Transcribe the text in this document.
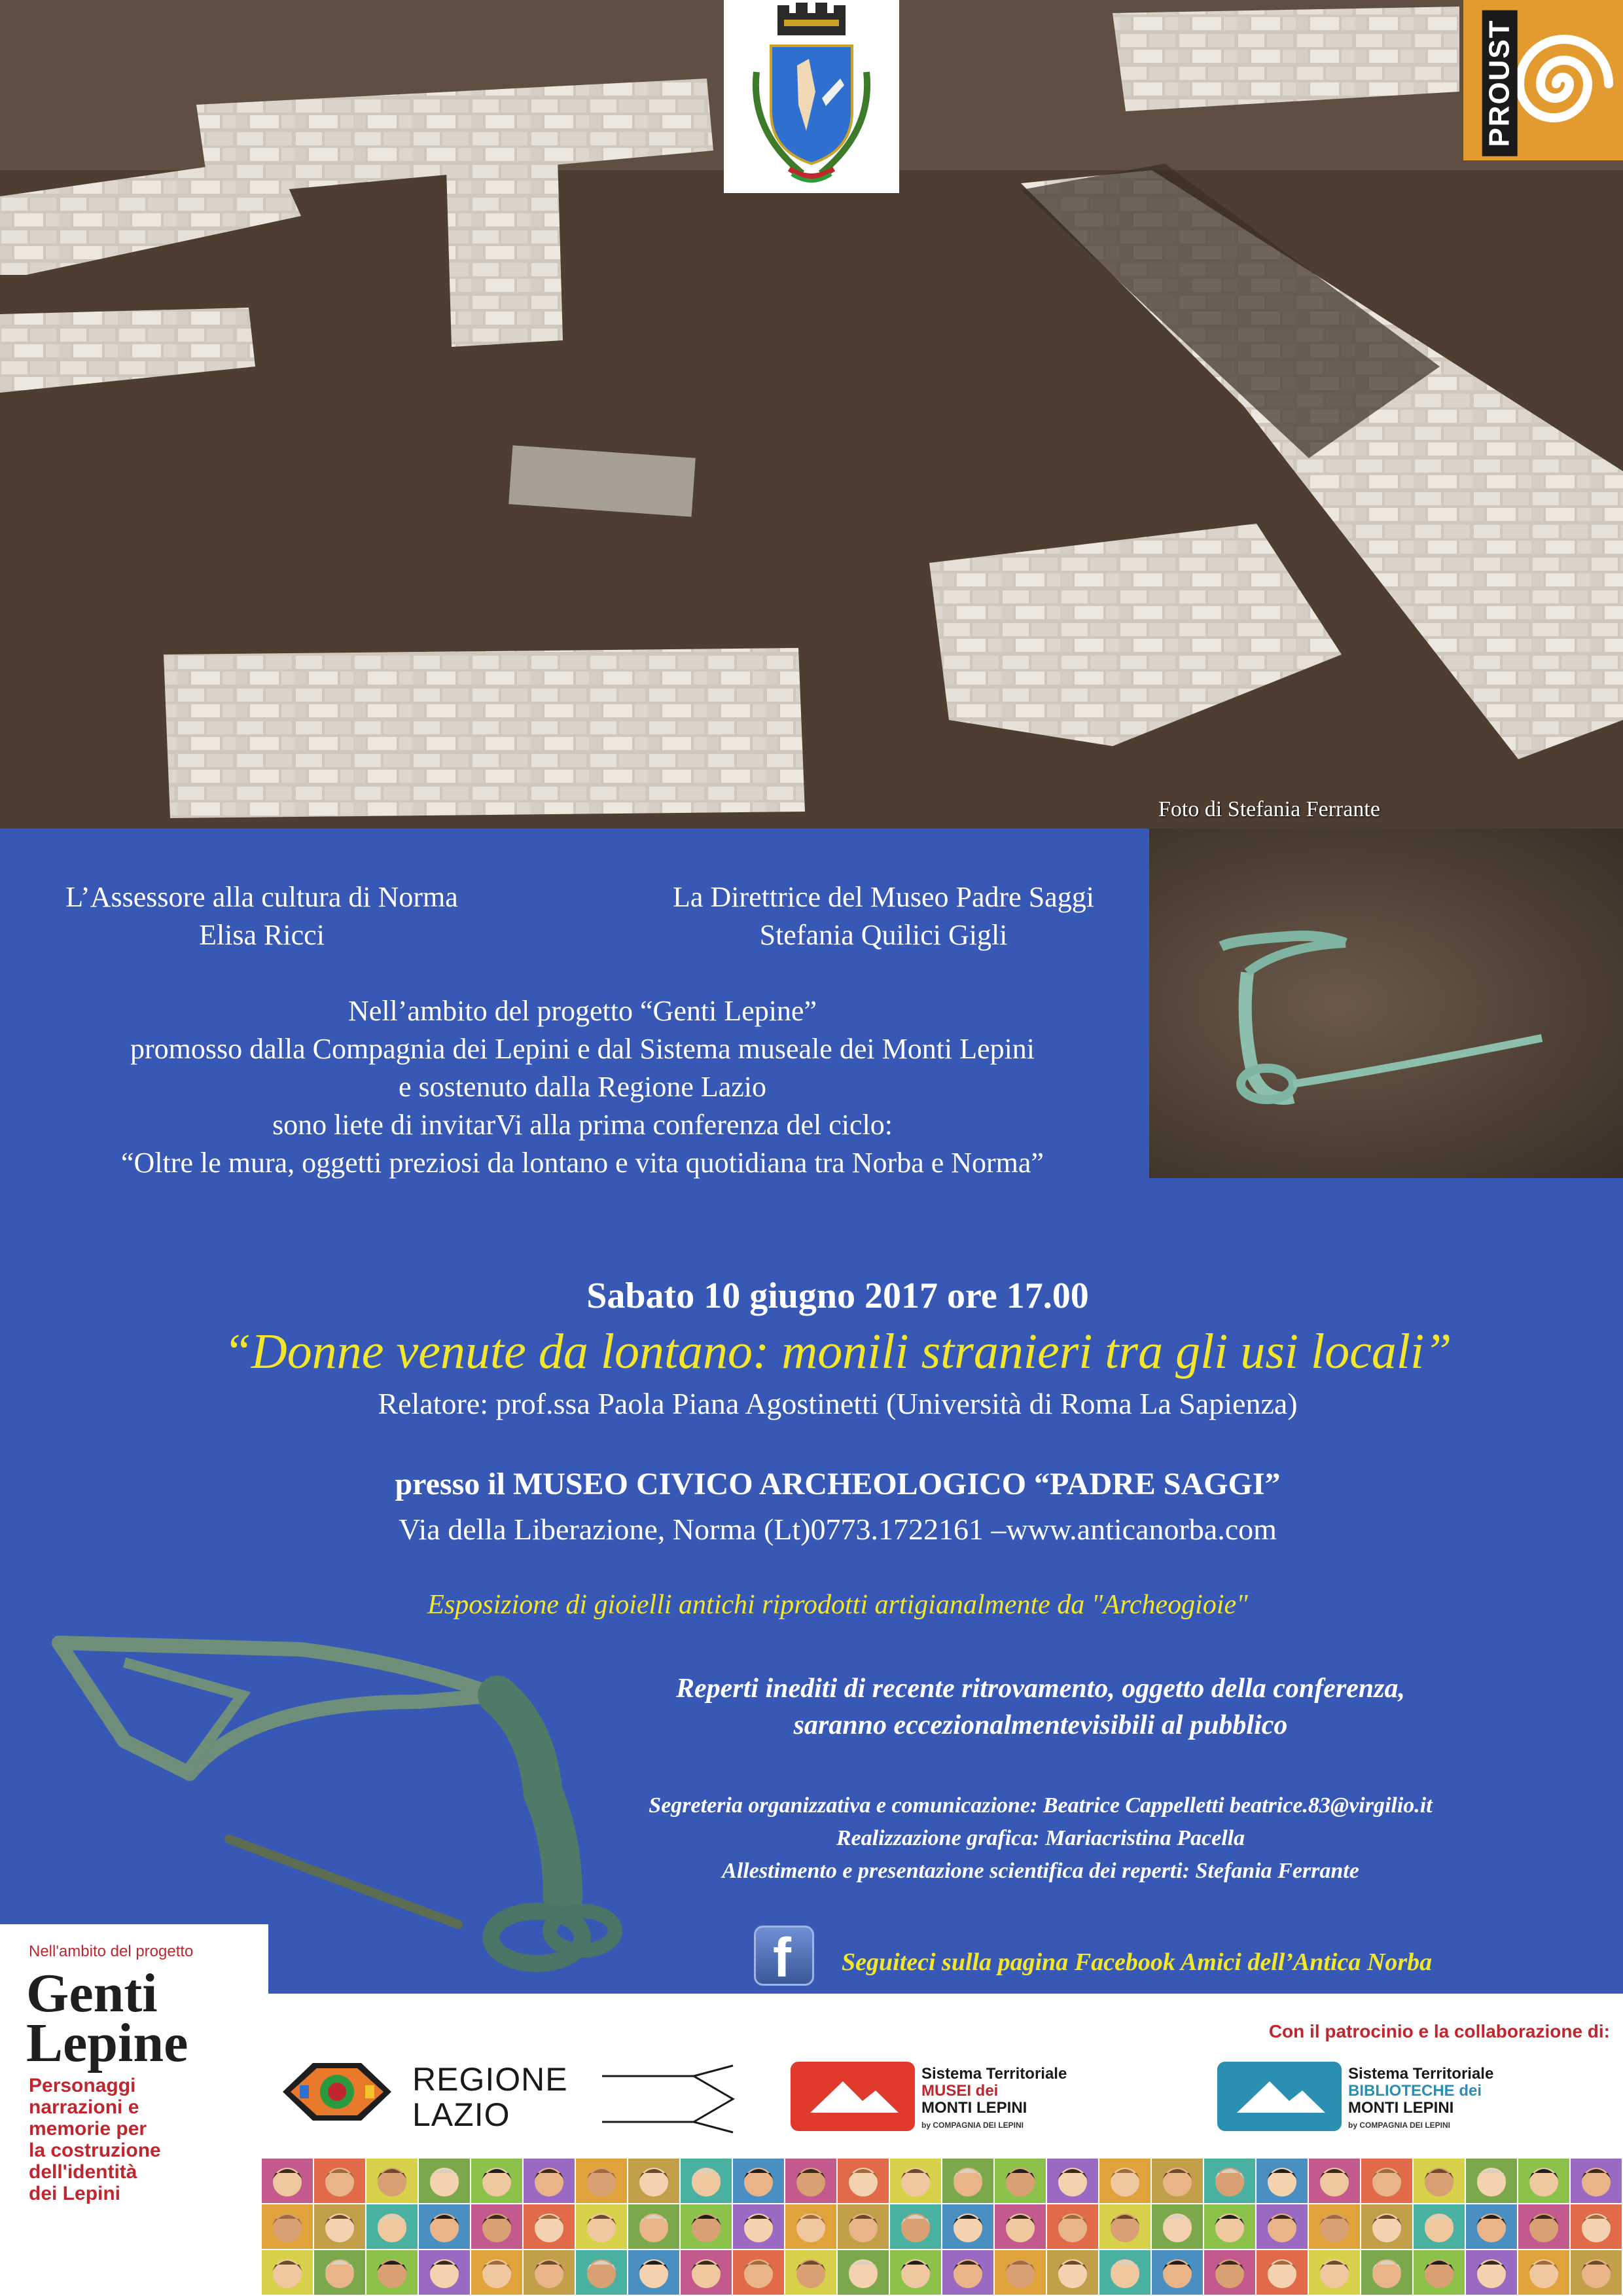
Foto di Stefania Ferrante
PROUST
L’Assessore alla cultura di Norma
Elisa Ricci
La Direttrice del Museo Padre Saggi
Stefania Quilici Gigli
Nell’ambito del progetto “Genti Lepine”
promosso dalla Compagnia dei Lepini e dal Sistema museale dei Monti Lepini
e sostenuto dalla Regione Lazio
sono liete di invitarVi alla prima conferenza del ciclo:
“Oltre le mura, oggetti preziosi da lontano e vita quotidiana tra Norba e Norma”
Sabato 10 giugno 2017 ore 17.00
“Donne venute da lontano: monili stranieri tra gli usi locali”
Relatore: prof.ssa Paola Piana Agostinetti (Università di Roma La Sapienza)
presso il MUSEO CIVICO ARCHEOLOGICO “PADRE SAGGI”
Via della Liberazione, Norma (Lt)0773.1722161 –www.anticanorba.com
Esposizione di gioielli antichi riprodotti artigianalmente da "Archeogioie"
Reperti inediti di recente ritrovamento, oggetto della conferenza,
saranno eccezionalmentevisibili al pubblico
Segreteria organizzativa e comunicazione: Beatrice Cappelletti beatrice.83@virgilio.it
Realizzazione grafica: Mariacristina Pacella
Allestimento e presentazione scientifica dei reperti: Stefania Ferrante
f Seguiteci sulla pagina Facebook Amici dell’Antica Norba
Nell'ambito del progetto
Genti
Lepine
Personaggi
narrazioni e
memorie per
la costruzione
dell'identità
dei Lepini
Con il patrocinio e la collaborazione di:
REGIONE
LAZIO
Sistema Territoriale
MUSEI dei
MONTI LEPINI
by COMPAGNIA DEI LEPINI
Sistema Territoriale
BIBLIOTECHE dei
MONTI LEPINI
by COMPAGNIA DEI LEPINI
